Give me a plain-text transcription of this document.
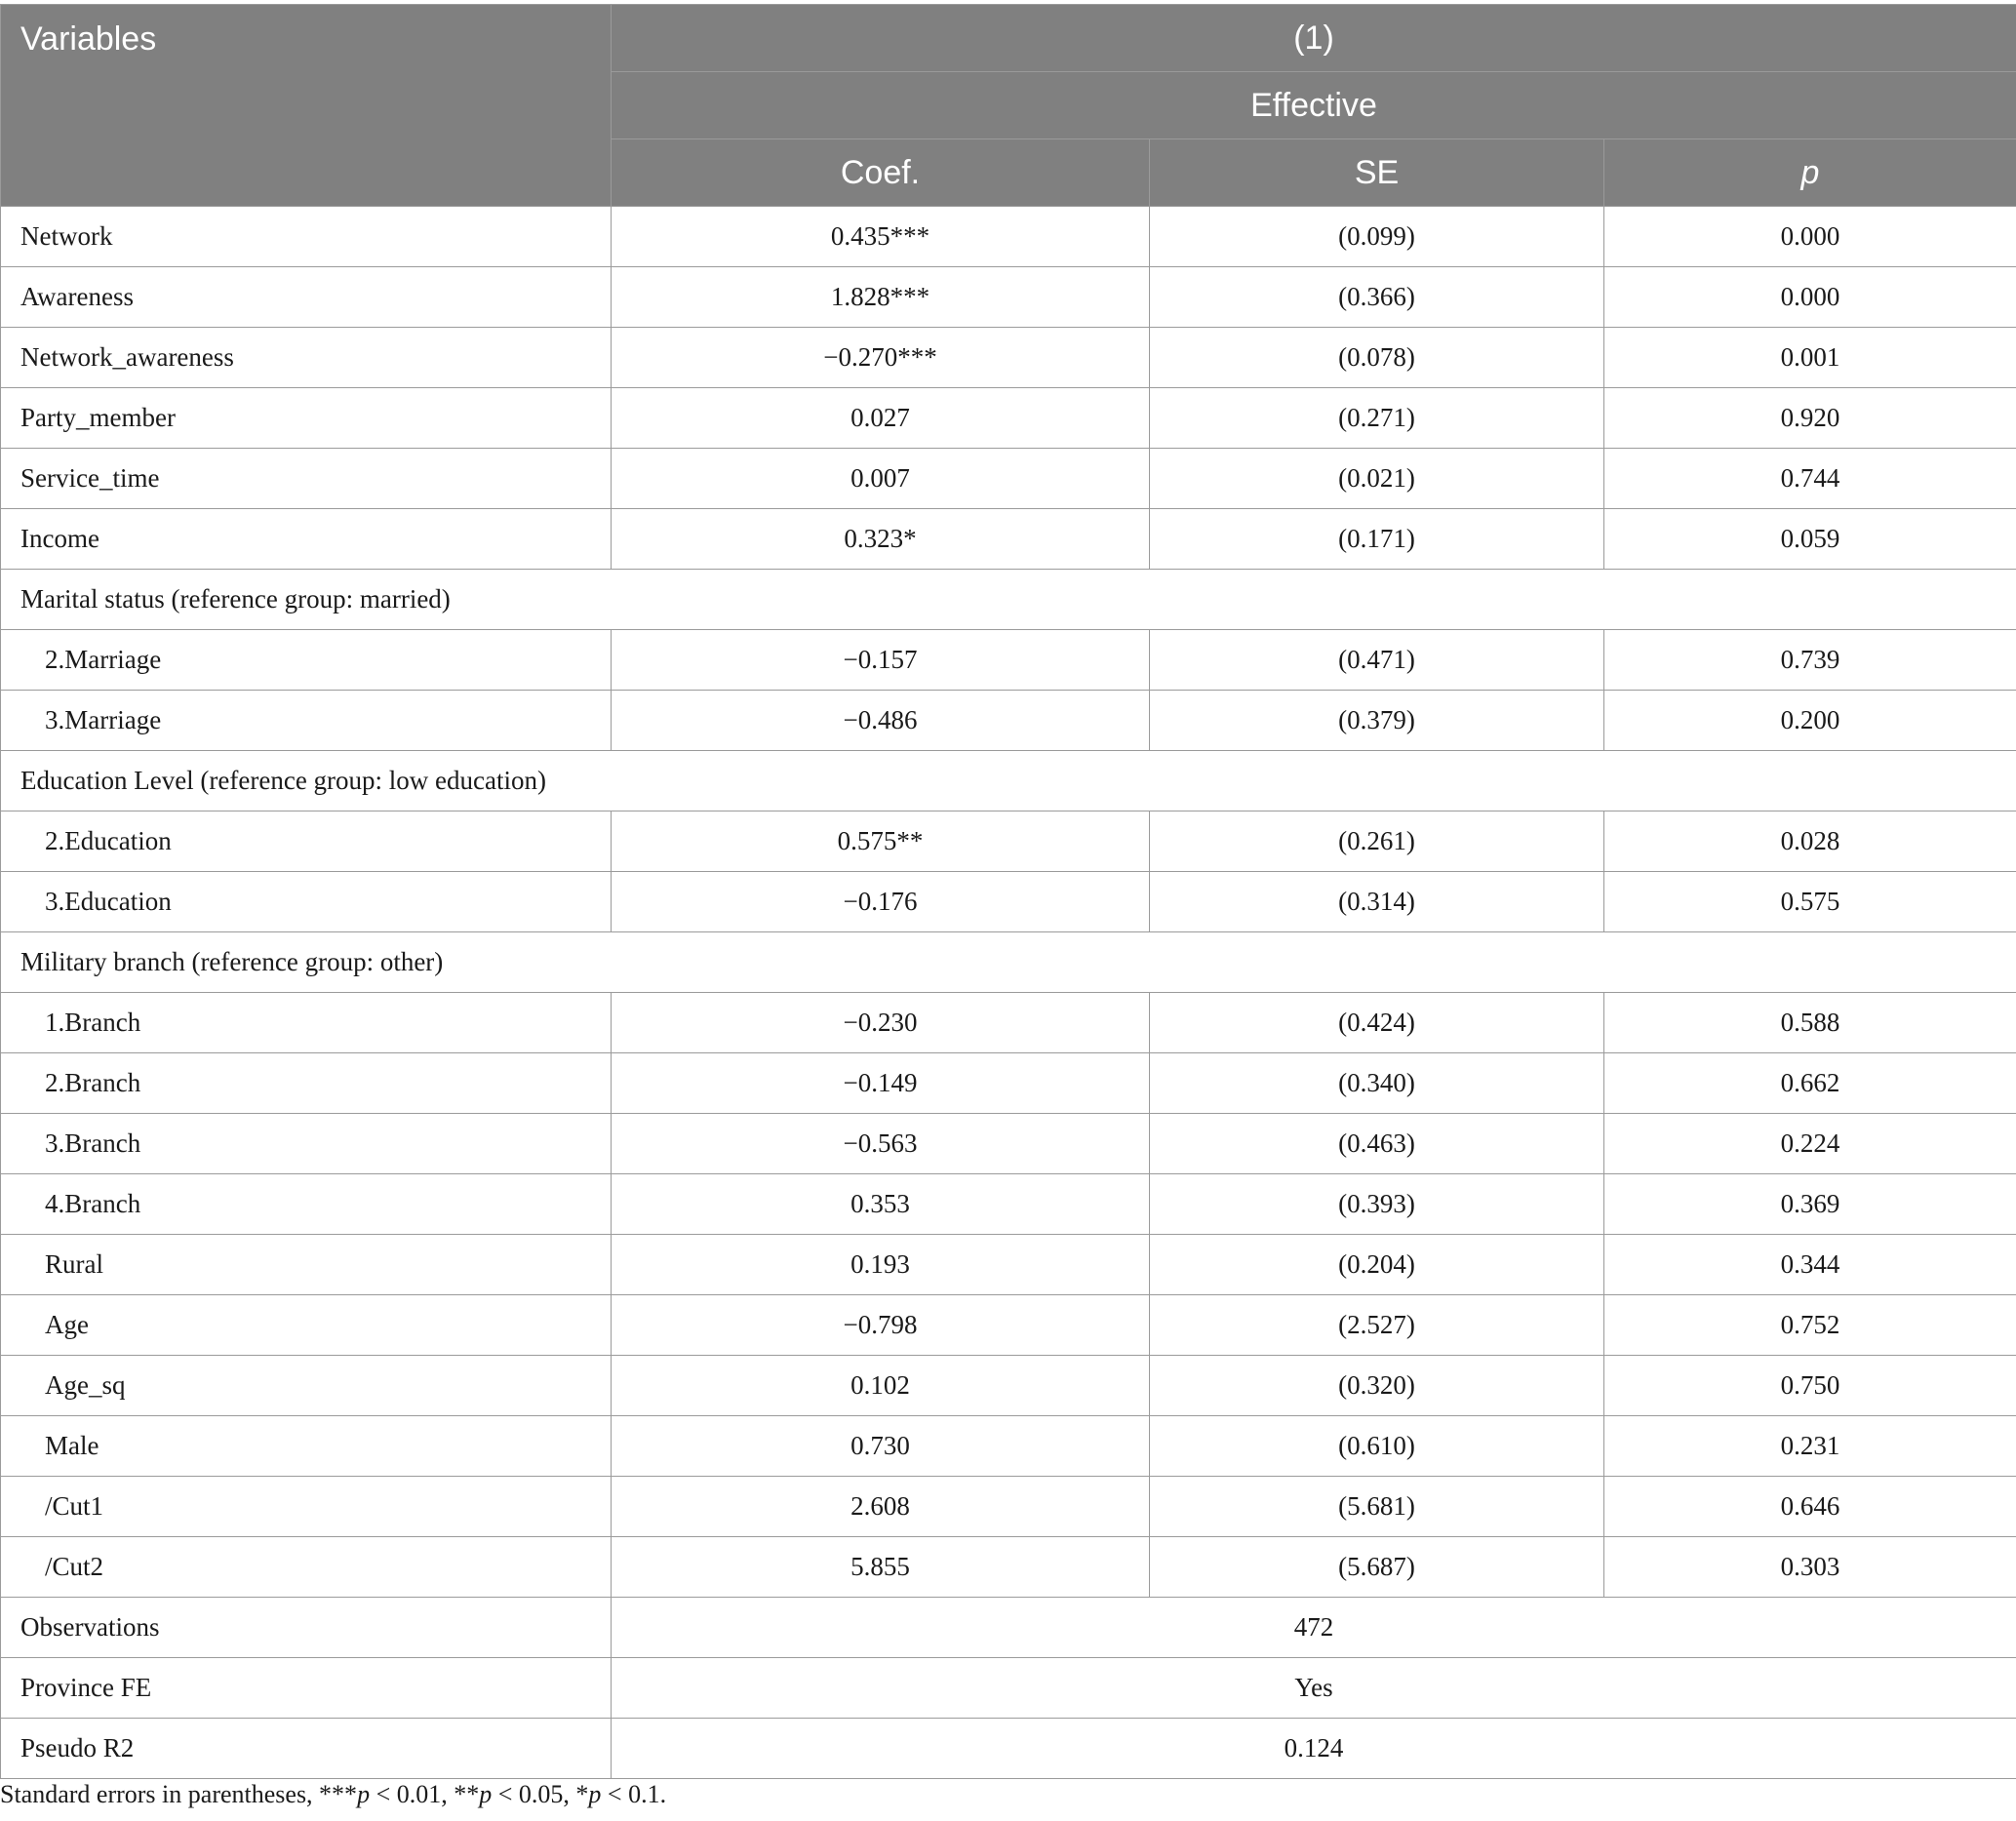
Variables	(1)		
	Effective		
	Coef.	SE	p
Network	0.435***	(0.099)	0.000
Awareness	1.828***	(0.366)	0.000
Network_awareness	−0.270***	(0.078)	0.001
Party_member	0.027	(0.271)	0.920
Service_time	0.007	(0.021)	0.744
Income	0.323*	(0.171)	0.059
Marital status (reference group: married)			
2.Marriage	−0.157	(0.471)	0.739
3.Marriage	−0.486	(0.379)	0.200
Education Level (reference group: low education)			
2.Education	0.575**	(0.261)	0.028
3.Education	−0.176	(0.314)	0.575
Military branch (reference group: other)			
1.Branch	−0.230	(0.424)	0.588
2.Branch	−0.149	(0.340)	0.662
3.Branch	−0.563	(0.463)	0.224
4.Branch	0.353	(0.393)	0.369
Rural	0.193	(0.204)	0.344
Age	−0.798	(2.527)	0.752
Age_sq	0.102	(0.320)	0.750
Male	0.730	(0.610)	0.231
/Cut1	2.608	(5.681)	0.646
/Cut2	5.855	(5.687)	0.303
Observations	472		
Province FE	Yes		
Pseudo R2	0.124		
Standard errors in parentheses, ***p < 0.01, **p < 0.05, *p < 0.1.
